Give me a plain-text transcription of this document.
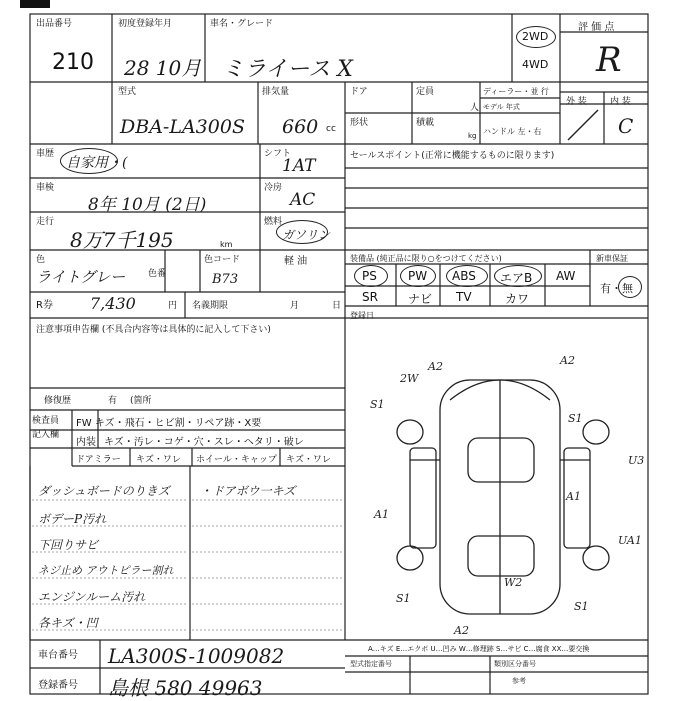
出品番号
210
初度登録年月
28 10月
車名・グレード
ミライース X
2WD
4WD
評 価 点
R
型式
DBA-LA300S
排気量
660 cc
ドア	定員
人
ディーラー・並 行
モデル 年式
形状	積載
kg ハンドル 左・右
外 装	内 装
C
車歴
自家用・(
シフト
1AT	セールスポイント(正常に機能するものに限ります)
車検
8年 10月 (2日)
冷房
AC
走行
8万7千195	km
燃料
ガソリン
軽 油
色
ライトグレー	色番
色コード
B73
R券 7,430	円 名義期限	月	日
装備品 (純正品に限り○をつけてください)	新車保証
PS	PW ABS エアB AW
SR	ナビ TV	カワ
有・無
登録日
注意事項申告欄 (不具合内容等は具体的に記入して下さい)
修復歴	有 (箇所
検査員 記入欄
FW キズ・飛石・ヒビ割・リペア跡・X要
内装 キズ・汚レ・コゲ・穴・スレ・ヘタリ・破レ
ドアミラー キズ・ワレ ホイール・キャップ キズ・ワレ
ダッシュボードのりきズ
ボデーP汚れ
下回りサビ
ネジ止め アウトピラー割れ
エンジンルーム汚れ
各キズ・凹
・ドアボウ一キズ
A2
2W
A2
S1
S1
A1
U3
A1
UA1
S1
W2
A2
S1
A…キズ E…エクボ U…凹み W…修理跡 S…サビ C…腐食 XX…要交換
車台番号 LA300S-1009082
登録番号 島根 580 49963
型式指定番号	類別区分番号
参考
